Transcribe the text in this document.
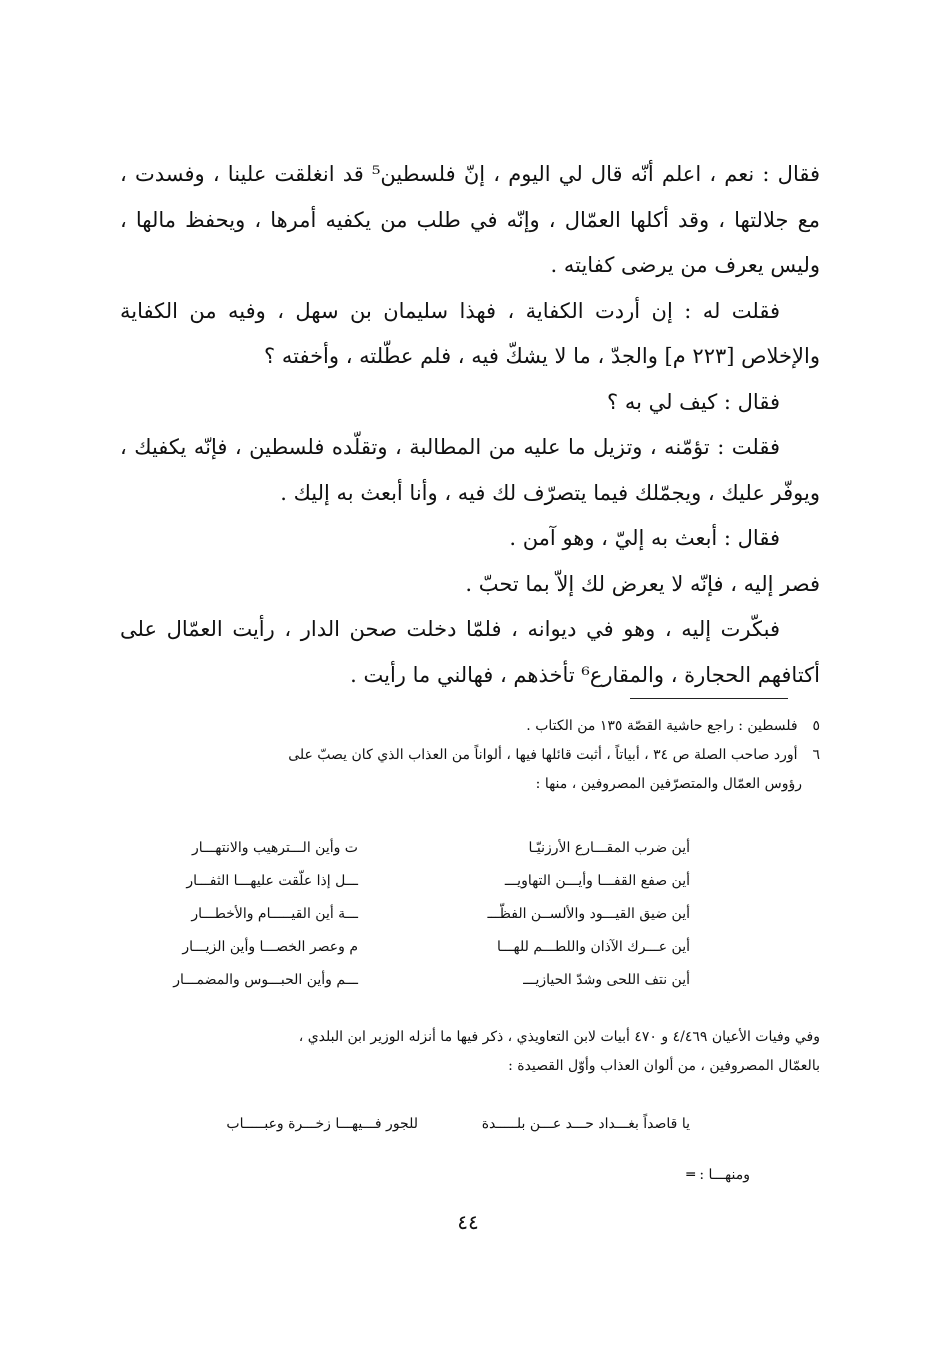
فقال : نعم ، اعلم أنّه قال لي اليوم ، إنّ فلسطين⁵ قد انغلقت علينا ، وفسدت ، مع جلالتها ، وقد أكلها العمّال ، وإنّه في طلب من يكفيه أمرها ، ويحفظ مالها ، وليس يعرف من يرضى كفايته .

فقلت له : إن أردت الكفاية ، فهذا سليمان بن سهل ، وفيه من الكفاية والإخلاص [٢٢٣ م] والجدّ ، ما لا يشكّ فيه ، فلم عطّلته ، وأخفته ؟

فقال : كيف لي به ؟

فقلت : تؤمّنه ، وتزيل ما عليه من المطالبة ، وتقلّده فلسطين ، فإنّه يكفيك ، ويوفّر عليك ، ويجمّلك فيما يتصرّف لك فيه ، وأنا أبعث به إليك .

فقال : أبعث به إليّ ، وهو آمن .

فصر إليه ، فإنّه لا يعرض لك إلاّ بما تحبّ .

فبكّرت إليه ، وهو في ديوانه ، فلمّا دخلت صحن الدار ، رأيت العمّال على أكتافهم الحجارة ، والمقارع⁶ تأخذهم ، فهالني ما رأيت .

٥ فلسطين : راجع حاشية القصّة ١٣٥ من الكتاب .

٦ أورد صاحب الصلة ص ٣٤ ، أبياتاً ، أثبت قائلها فيها ، ألواناً من العذاب الذي كان يصبّ على

رؤوس العمّال والمتصرّفين المصروفين ، منها :

أين ضرب المقـــارع الأرزنيّـا
ت وأين الـــترهيب والانتهـــار
أين صفع القفـــا وأيـــن التهاويـــ
ـــل إذا علّقت عليهـــا الثفـــار
أين ضيق القيـــود والألســن الفظّـــ
ـــة أين القيـــــام والأخطـــار
أين عـــرك الآذان واللطـــم للهـــا
م وعصر الخصـــا وأين الزيـــار
أين نتف اللحى وشدّ الحيازيـــ
ـــم وأين الحبـــوس والمضمـــار

وفي وفيات الأعيان ٤/٤٦٩ و ٤٧٠ أبيات لابن التعاويذي ، ذكر فيها ما أنزله الوزير ابن البلدي ،

بالعمّال المصروفين ، من ألوان العذاب وأوّل القصيدة :

يا قاصداً بغـــداد حـــد عـــن بلـــــدة
للجور فـــيهـــا زخـــرة وعبـــــاب
ومنهـــا : ═
٤٤
